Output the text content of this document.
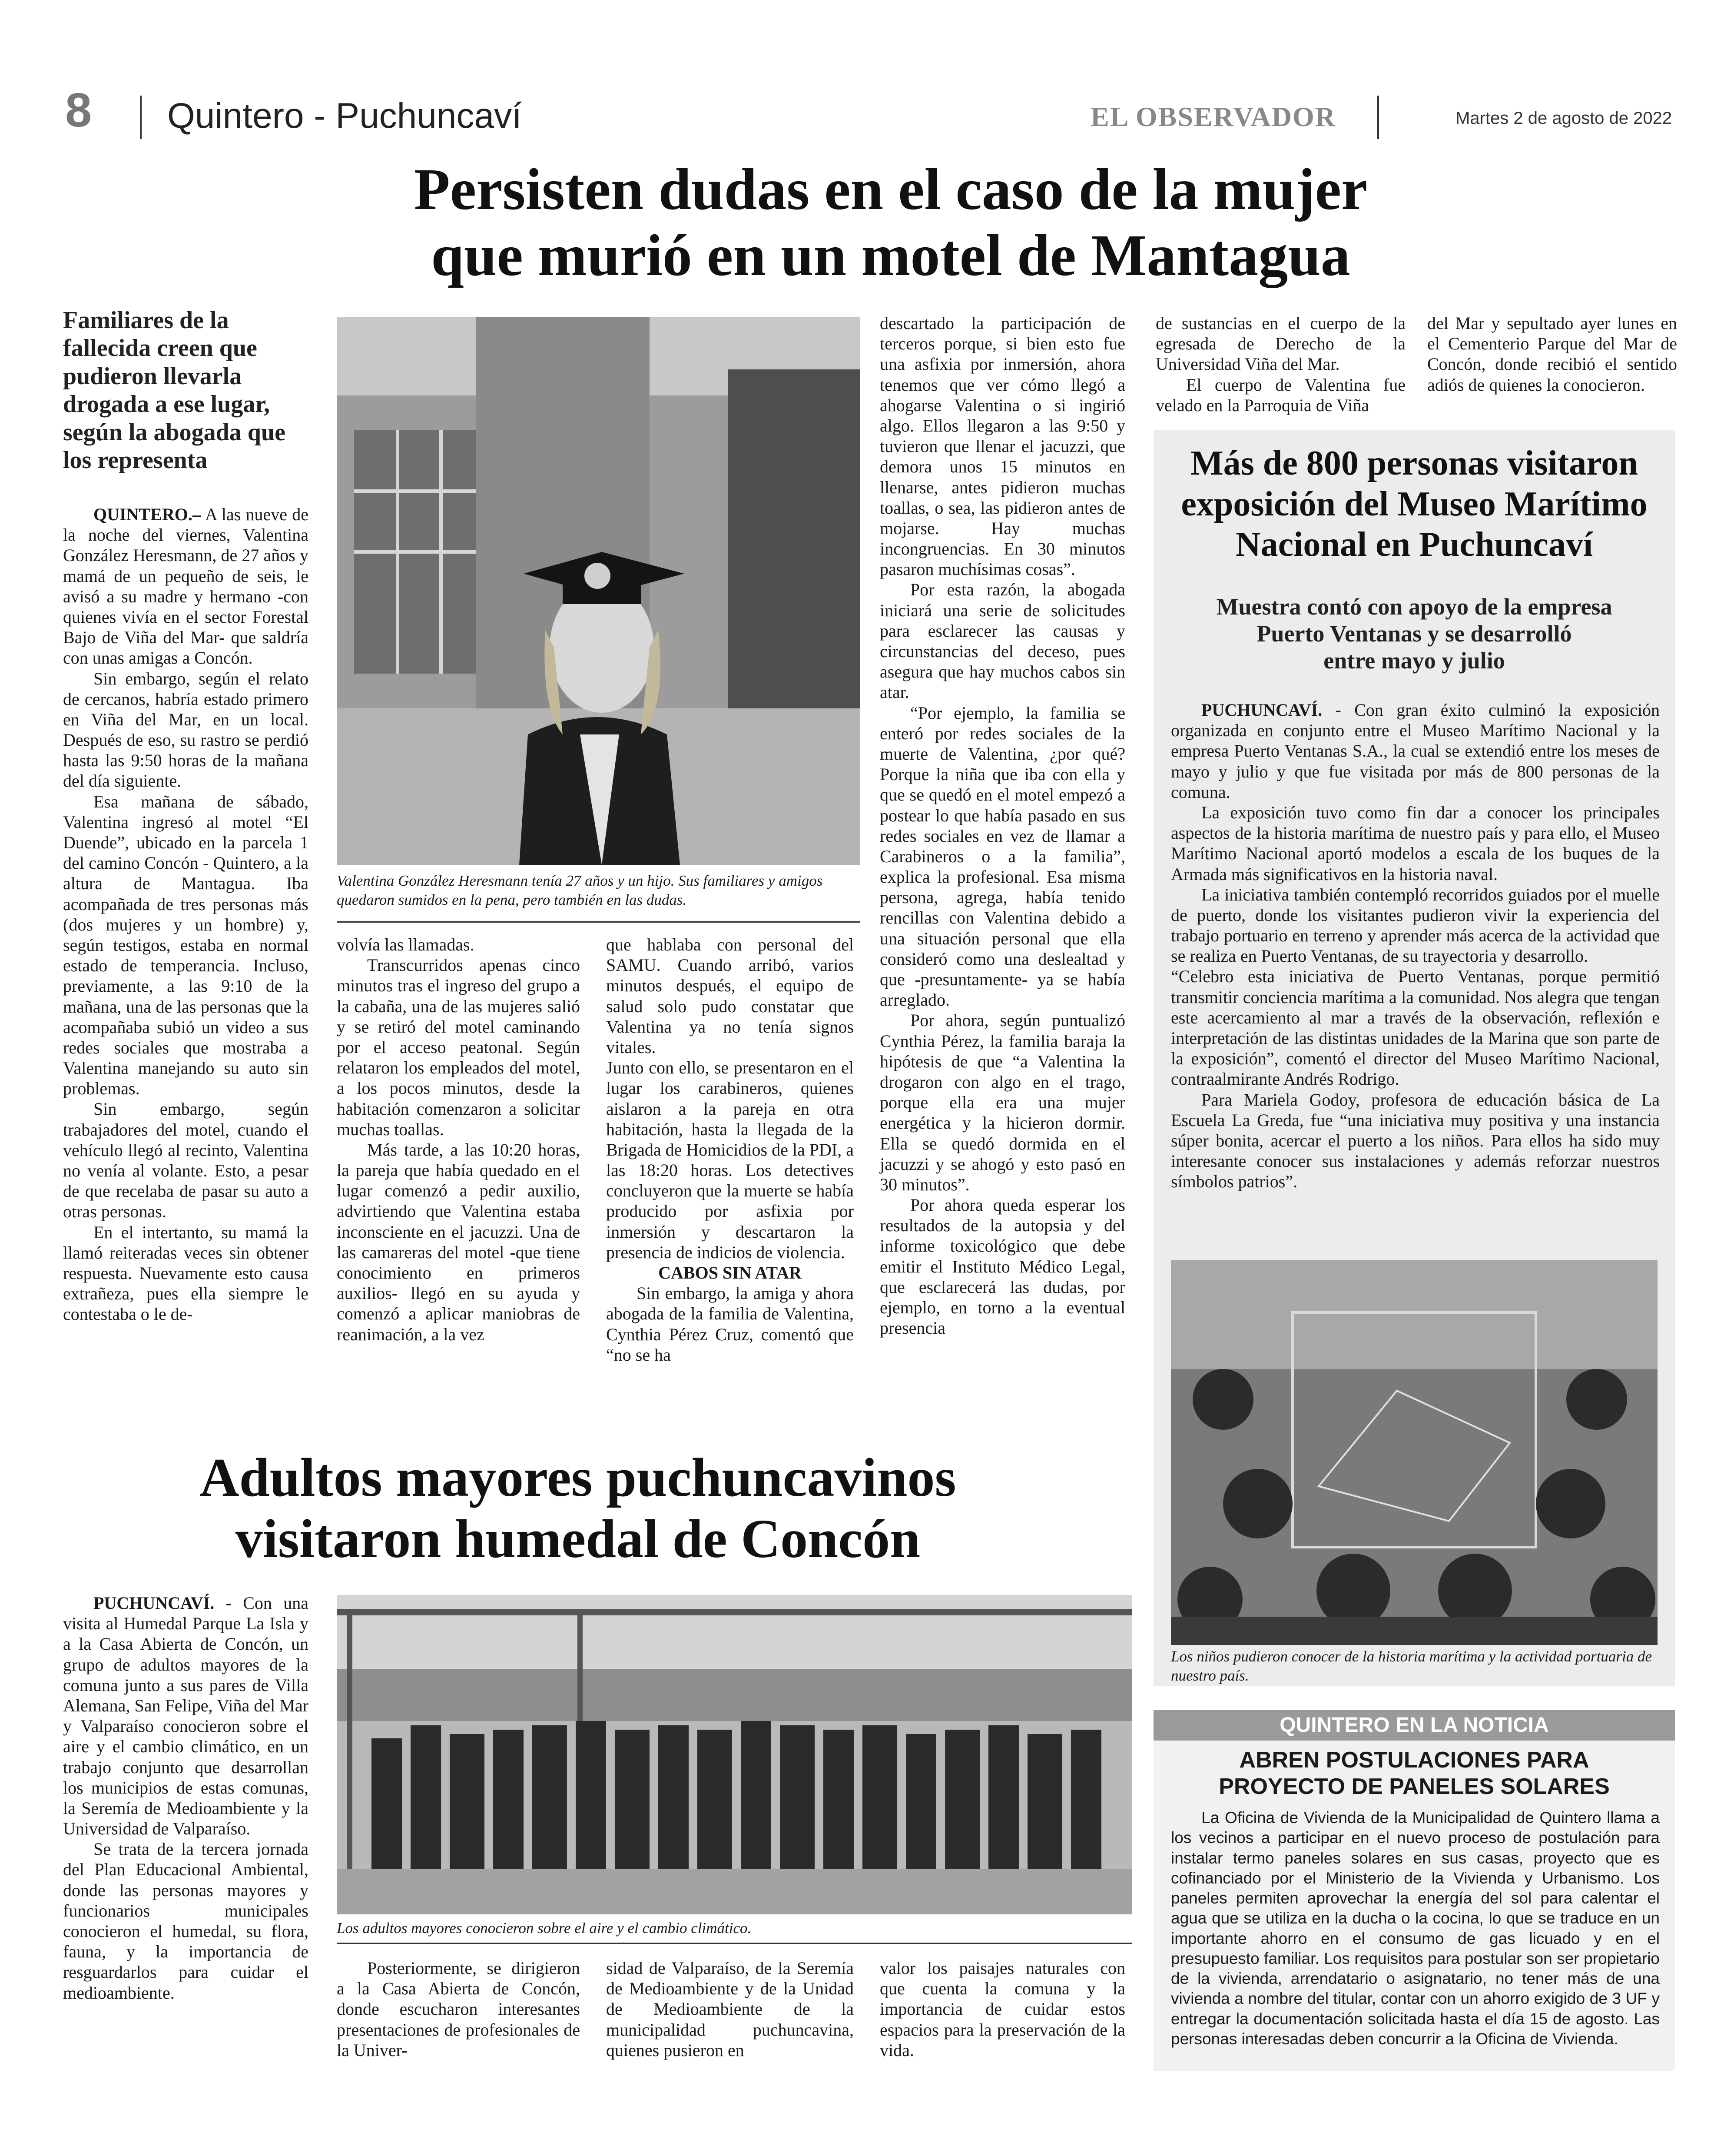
8 Quintero - Puchuncaví	EL OBSERVADOR	Martes 2 de agosto de 2022
Persisten dudas en el caso de la mujer
que murió en un motel de Mantagua
Familiares de la fallecida creen que pudieron llevarla drogada a ese lugar, según la abogada que los representa

QUINTERO.– A las nueve de la noche del viernes, Valentina González Heresmann, de 27 años y mamá de un pequeño de seis, le avisó a su madre y hermano -con quienes vivía en el sector Forestal Bajo de Viña del Mar- que saldría con unas amigas a Concón.

Sin embargo, según el relato de cercanos, habría estado primero en Viña del Mar, en un local. Después de eso, su rastro se perdió hasta las 9:50 horas de la mañana del día siguiente.

Esa mañana de sábado, Valentina ingresó al motel “El Duende”, ubicado en la parcela 1 del camino Concón - Quintero, a la altura de Mantagua. Iba acompañada de tres personas más (dos mujeres y un hombre) y, según testigos, estaba en normal estado de temperancia. Incluso, previamente, a las 9:10 de la mañana, una de las personas que la acompañaba subió un video a sus redes sociales que mostraba a Valentina manejando su auto sin problemas.

Sin embargo, según trabajadores del motel, cuando el vehículo llegó al recinto, Valentina no venía al volante. Esto, a pesar de que recelaba de pasar su auto a otras personas.

En el intertanto, su mamá la llamó reiteradas veces sin obtener respuesta. Nuevamente esto causa extrañeza, pues ella siempre le contestaba o le de-

Valentina González Heresmann tenía 27 años y un hijo. Sus familiares y amigos quedaron sumidos en la pena, pero también en las dudas.

volvía las llamadas.

Transcurridos apenas cinco minutos tras el ingreso del grupo a la cabaña, una de las mujeres salió y se retiró del motel caminando por el acceso peatonal. Según relataron los empleados del motel, a los pocos minutos, desde la habitación comenzaron a solicitar muchas toallas.

Más tarde, a las 10:20 horas, la pareja que había quedado en el lugar comenzó a pedir auxilio, advirtiendo que Valentina estaba inconsciente en el jacuzzi. Una de las camareras del motel -que tiene conocimiento en primeros auxilios- llegó en su ayuda y comenzó a aplicar maniobras de reanimación, a la vez

que hablaba con personal del SAMU. Cuando arribó, varios minutos después, el equipo de salud solo pudo constatar que Valentina ya no tenía signos vitales.

Junto con ello, se presentaron en el lugar los carabineros, quienes aislaron a la pareja en otra habitación, hasta la llegada de la Brigada de Homicidios de la PDI, a las 18:20 horas. Los detectives concluyeron que la muerte se había producido por asfixia por inmersión y descartaron la presencia de indicios de violencia.

CABOS SIN ATAR

Sin embargo, la amiga y ahora abogada de la familia de Valentina, Cynthia Pérez Cruz, comentó que “no se ha

descartado la participación de terceros porque, si bien esto fue una asfixia por inmersión, ahora tenemos que ver cómo llegó a ahogarse Valentina o si ingirió algo. Ellos llegaron a las 9:50 y tuvieron que llenar el jacuzzi, que demora unos 15 minutos en llenarse, antes pidieron muchas toallas, o sea, las pidieron antes de mojarse. Hay muchas incongruencias. En 30 minutos pasaron muchísimas cosas”.

Por esta razón, la abogada iniciará una serie de solicitudes para esclarecer las causas y circunstancias del deceso, pues asegura que hay muchos cabos sin atar.

“Por ejemplo, la familia se enteró por redes sociales de la muerte de Valentina, ¿por qué? Porque la niña que iba con ella y que se quedó en el motel empezó a postear lo que había pasado en sus redes sociales en vez de llamar a Carabineros o a la familia”, explica la profesional. Esa misma persona, agrega, había tenido rencillas con Valentina debido a una situación personal que ella consideró como una deslealtad y que -presuntamente- ya se había arreglado.

Por ahora, según puntualizó Cynthia Pérez, la familia baraja la hipótesis de que “a Valentina la drogaron con algo en el trago, porque ella era una mujer energética y la hicieron dormir. Ella se quedó dormida en el jacuzzi y se ahogó y esto pasó en 30 minutos”.

Por ahora queda esperar los resultados de la autopsia y del informe toxicológico que debe emitir el Instituto Médico Legal, que esclarecerá las dudas, por ejemplo, en torno a la eventual presencia

de sustancias en el cuerpo de la egresada de Derecho de la Universidad Viña del Mar.

El cuerpo de Valentina fue velado en la Parroquia de Viña

del Mar y sepultado ayer lunes en el Cementerio Parque del Mar de Concón, donde recibió el sentido adiós de quienes la conocieron.

Más de 800 personas visitaron
exposición del Museo Marítimo
Nacional en Puchuncaví
Muestra contó con apoyo de la empresa
Puerto Ventanas y se desarrolló
entre mayo y julio

PUCHUNCAVÍ. - Con gran éxito culminó la exposición organizada en conjunto entre el Museo Marítimo Nacional y la empresa Puerto Ventanas S.A., la cual se extendió entre los meses de mayo y julio y que fue visitada por más de 800 personas de la comuna.

La exposición tuvo como fin dar a conocer los principales aspectos de la historia marítima de nuestro país y para ello, el Museo Marítimo Nacional aportó modelos a escala de los buques de la Armada más significativos en la historia naval.

La iniciativa también contempló recorridos guiados por el muelle de puerto, donde los visitantes pudieron vivir la experiencia del trabajo portuario en terreno y aprender más acerca de la actividad que se realiza en Puerto Ventanas, de su trayectoria y desarrollo.

“Celebro esta iniciativa de Puerto Ventanas, porque permitió transmitir conciencia marítima a la comunidad. Nos alegra que tengan este acercamiento al mar a través de la observación, reflexión e interpretación de las distintas unidades de la Marina que son parte de la exposición”, comentó el director del Museo Marítimo Nacional, contraalmirante Andrés Rodrigo.

Para Mariela Godoy, profesora de educación básica de La Escuela La Greda, fue “una iniciativa muy positiva y una instancia súper bonita, acercar el puerto a los niños. Para ellos ha sido muy interesante conocer sus instalaciones y además reforzar nuestros símbolos patrios”.

Los niños pudieron conocer de la historia marítima y la actividad portuaria de nuestro país.
QUINTERO EN LA NOTICIA
ABREN POSTULACIONES PARA
PROYECTO DE PANELES SOLARES
La Oficina de Vivienda de la Municipalidad de Quintero llama a los vecinos a participar en el nuevo proceso de postulación para instalar termo paneles solares en sus casas, proyecto que es cofinanciado por el Ministerio de la Vivienda y Urbanismo. Los paneles permiten aprovechar la energía del sol para calentar el agua que se utiliza en la ducha o la cocina, lo que se traduce en un importante ahorro en el consumo de gas licuado y en el presupuesto familiar. Los requisitos para postular son ser propietario de la vivienda, arrendatario o asignatario, no tener más de una vivienda a nombre del titular, contar con un ahorro exigido de 3 UF y entregar la documentación solicitada hasta el día 15 de agosto. Las personas interesadas deben concurrir a la Oficina de Vivienda.
Adultos mayores puchuncavinos
visitaron humedal de Concón

PUCHUNCAVÍ. - Con una visita al Humedal Parque La Isla y a la Casa Abierta de Concón, un grupo de adultos mayores de la comuna junto a sus pares de Villa Alemana, San Felipe, Viña del Mar y Valparaíso conocieron sobre el aire y el cambio climático, en un trabajo conjunto que desarrollan los municipios de estas comunas, la Seremía de Medioambiente y la Universidad de Valparaíso.

Se trata de la tercera jornada del Plan Educacional Ambiental, donde las personas mayores y funcionarios municipales conocieron el humedal, su flora, fauna, y la importancia de resguardarlos para cuidar el medioambiente.

Los adultos mayores conocieron sobre el aire y el cambio climático.

Posteriormente, se dirigieron a la Casa Abierta de Concón, donde escucharon interesantes presentaciones de profesionales de la Univer-

sidad de Valparaíso, de la Seremía de Medioambiente y de la Unidad de Medioambiente de la municipalidad puchuncavina, quienes pusieron en

valor los paisajes naturales con que cuenta la comuna y la importancia de cuidar estos espacios para la preservación de la vida.
